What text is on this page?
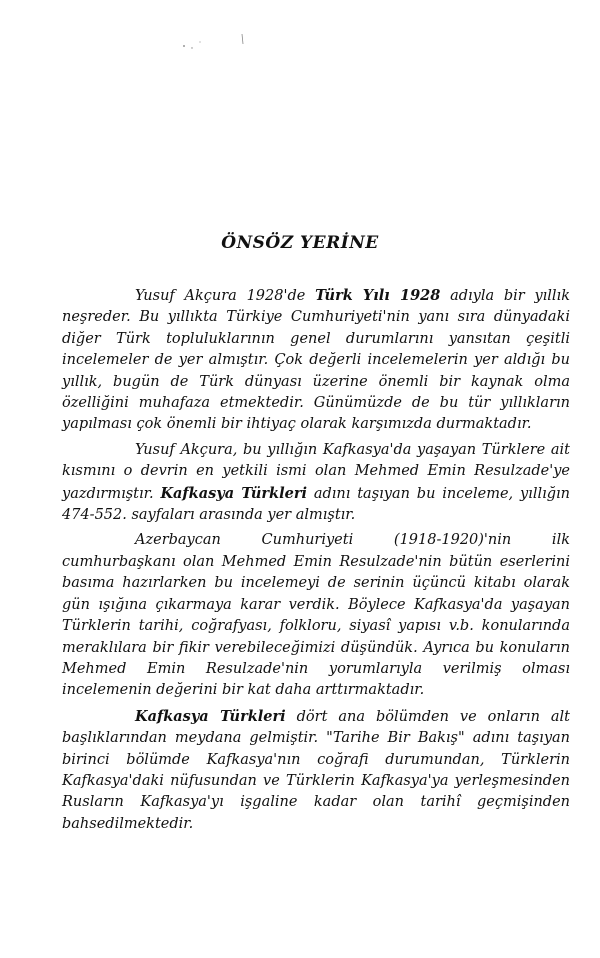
ÖNSÖZ YERİNE

Yusuf Akçura 1928'de Türk Yılı 1928 adıyla bir yıllık neşreder. Bu yıllıkta Türkiye Cumhuriyeti'nin yanı sıra dünyadaki diğer Türk topluluklarının genel durumlarını yansıtan çeşitli incelemeler de yer almıştır. Çok değerli incelemelerin yer aldığı bu yıllık, bugün de Türk dünyası üzerine önemli bir kaynak olma özelliğini muhafaza etmektedir. Günümüzde de bu tür yıllıkların yapılması çok önemli bir ihtiyaç olarak karşımızda durmaktadır.

Yusuf Akçura, bu yıllığın Kafkasya'da yaşayan Türklere ait kısmını o devrin en yetkili ismi olan Mehmed Emin Resulzade'ye yazdırmıştır. Kafkasya Türkleri adını taşıyan bu inceleme, yıllığın 474-552. sayfaları arasında yer almıştır.

Azerbaycan Cumhuriyeti (1918-1920)'nin ilk cumhurbaşkanı olan Mehmed Emin Resulzade'nin bütün eserlerini basıma hazırlarken bu incelemeyi de serinin üçüncü kitabı olarak gün ışığına çıkarmaya karar verdik. Böylece Kafkasya'da yaşayan Türklerin tarihi, coğrafyası, folkloru, siyasî yapısı v.b. konularında meraklılara bir fikir verebileceğimizi düşündük. Ayrıca bu konuların Mehmed Emin Resulzade'nin yorumlarıyla verilmiş olması incelemenin değerini bir kat daha arttırmaktadır.

Kafkasya Türkleri dört ana bölümden ve onların alt başlıklarından meydana gelmiştir. "Tarihe Bir Bakış" adını taşıyan birinci bölümde Kafkasya'nın coğrafi durumundan, Türklerin Kafkasya'daki nüfusundan ve Türklerin Kafkasya'ya yerleşmesinden Rusların Kafkasya'yı işgaline kadar olan tarihî geçmişinden bahsedilmektedir.
